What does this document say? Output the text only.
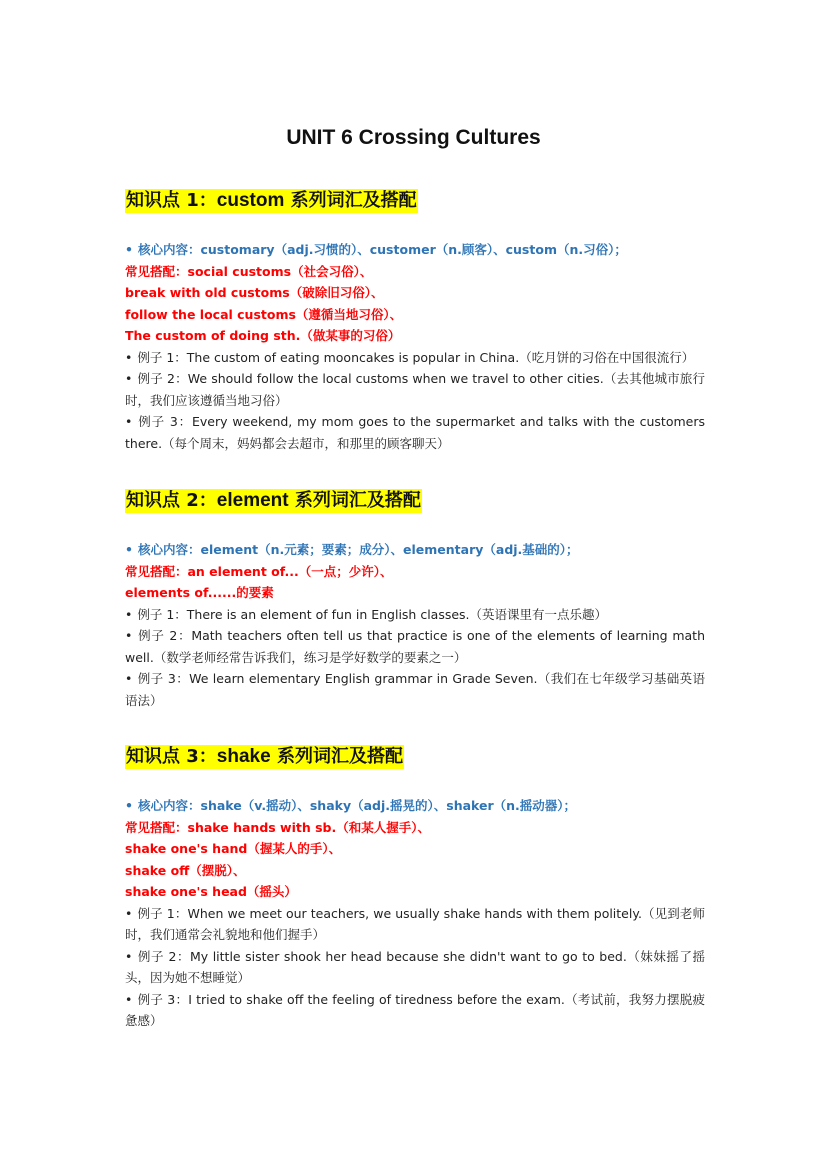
UNIT 6 Crossing Cultures
知识点 1：custom 系列词汇及搭配
• 核心内容：customary（adj.习惯的）、customer（n.顾客）、custom（n.习俗）；
常见搭配：social customs（社会习俗）、
break with old customs（破除旧习俗）、
follow the local customs（遵循当地习俗）、
The custom of doing sth.（做某事的习俗）
• 例子 1：The custom of eating mooncakes is popular in China.（吃月饼的习俗在中国很流行）
• 例子 2：We should follow the local customs when we travel to other cities.（去其他城市旅行时，我们应该遵循当地习俗）
• 例子 3：Every weekend, my mom goes to the supermarket and talks with the customers there.（每个周末，妈妈都会去超市，和那里的顾客聊天）
知识点 2：element 系列词汇及搭配
• 核心内容：element（n.元素；要素；成分）、elementary（adj.基础的）；
常见搭配：an element of...（一点；少许）、
elements of......的要素
• 例子 1：There is an element of fun in English classes.（英语课里有一点乐趣）
• 例子 2：Math teachers often tell us that practice is one of the elements of learning math well.（数学老师经常告诉我们，练习是学好数学的要素之一）
• 例子 3：We learn elementary English grammar in Grade Seven.（我们在七年级学习基础英语语法）
知识点 3：shake 系列词汇及搭配
• 核心内容：shake（v.摇动）、shaky（adj.摇晃的）、shaker（n.摇动器）；
常见搭配：shake hands with sb.（和某人握手）、
shake one's hand（握某人的手）、
shake off（摆脱）、
shake one's head（摇头）
• 例子 1：When we meet our teachers, we usually shake hands with them politely.（见到老师时，我们通常会礼貌地和他们握手）
• 例子 2：My little sister shook her head because she didn't want to go to bed.（妹妹摇了摇头，因为她不想睡觉）
• 例子 3：I tried to shake off the feeling of tiredness before the exam.（考试前，我努力摆脱疲惫感）
